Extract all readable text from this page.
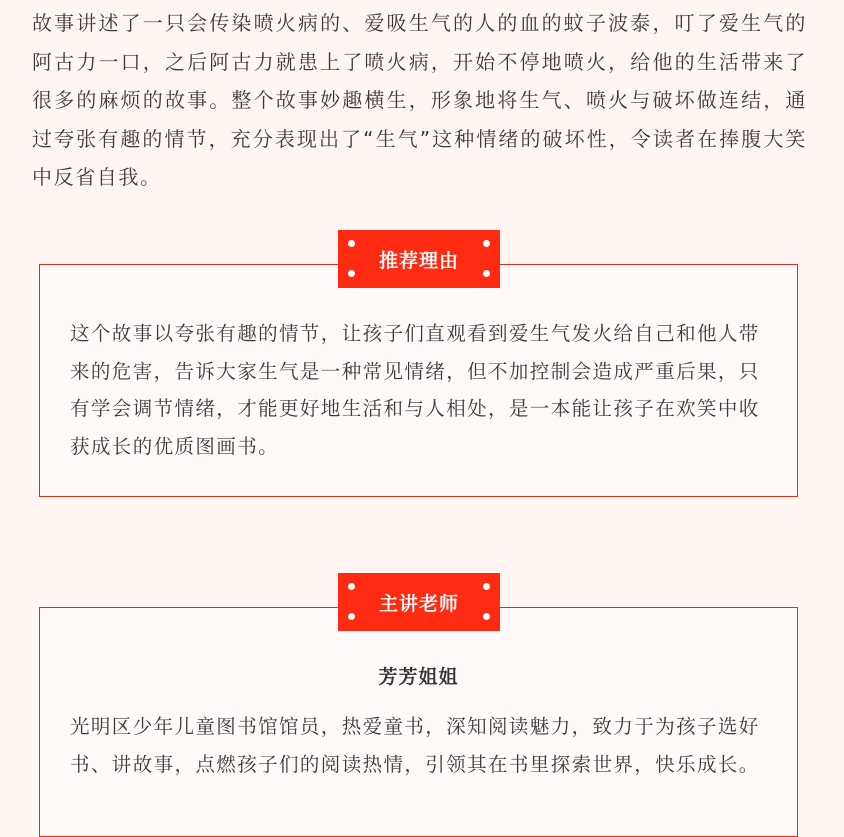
故事讲述了一只会传染喷火病的、爱吸生气的人的血的蚊子波泰，叮了爱生气的阿古力一口，之后阿古力就患上了喷火病，开始不停地喷火，给他的生活带来了很多的麻烦的故事。整个故事妙趣横生，形象地将生气、喷火与破坏做连结，通过夸张有趣的情节，充分表现出了“生气”这种情绪的破坏性，令读者在捧腹大笑中反省自我。

这个故事以夸张有趣的情节，让孩子们直观看到爱生气发火给自己和他人带来的危害，告诉大家生气是一种常见情绪，但不加控制会造成严重后果，只有学会调节情绪，才能更好地生活和与人相处，是一本能让孩子在欢笑中收获成长的优质图画书。

推荐理由

芳芳姐姐

光明区少年儿童图书馆馆员，热爱童书，深知阅读魅力，致力于为孩子选好书、讲故事，点燃孩子们的阅读热情，引领其在书里探索世界，快乐成长。

主讲老师
